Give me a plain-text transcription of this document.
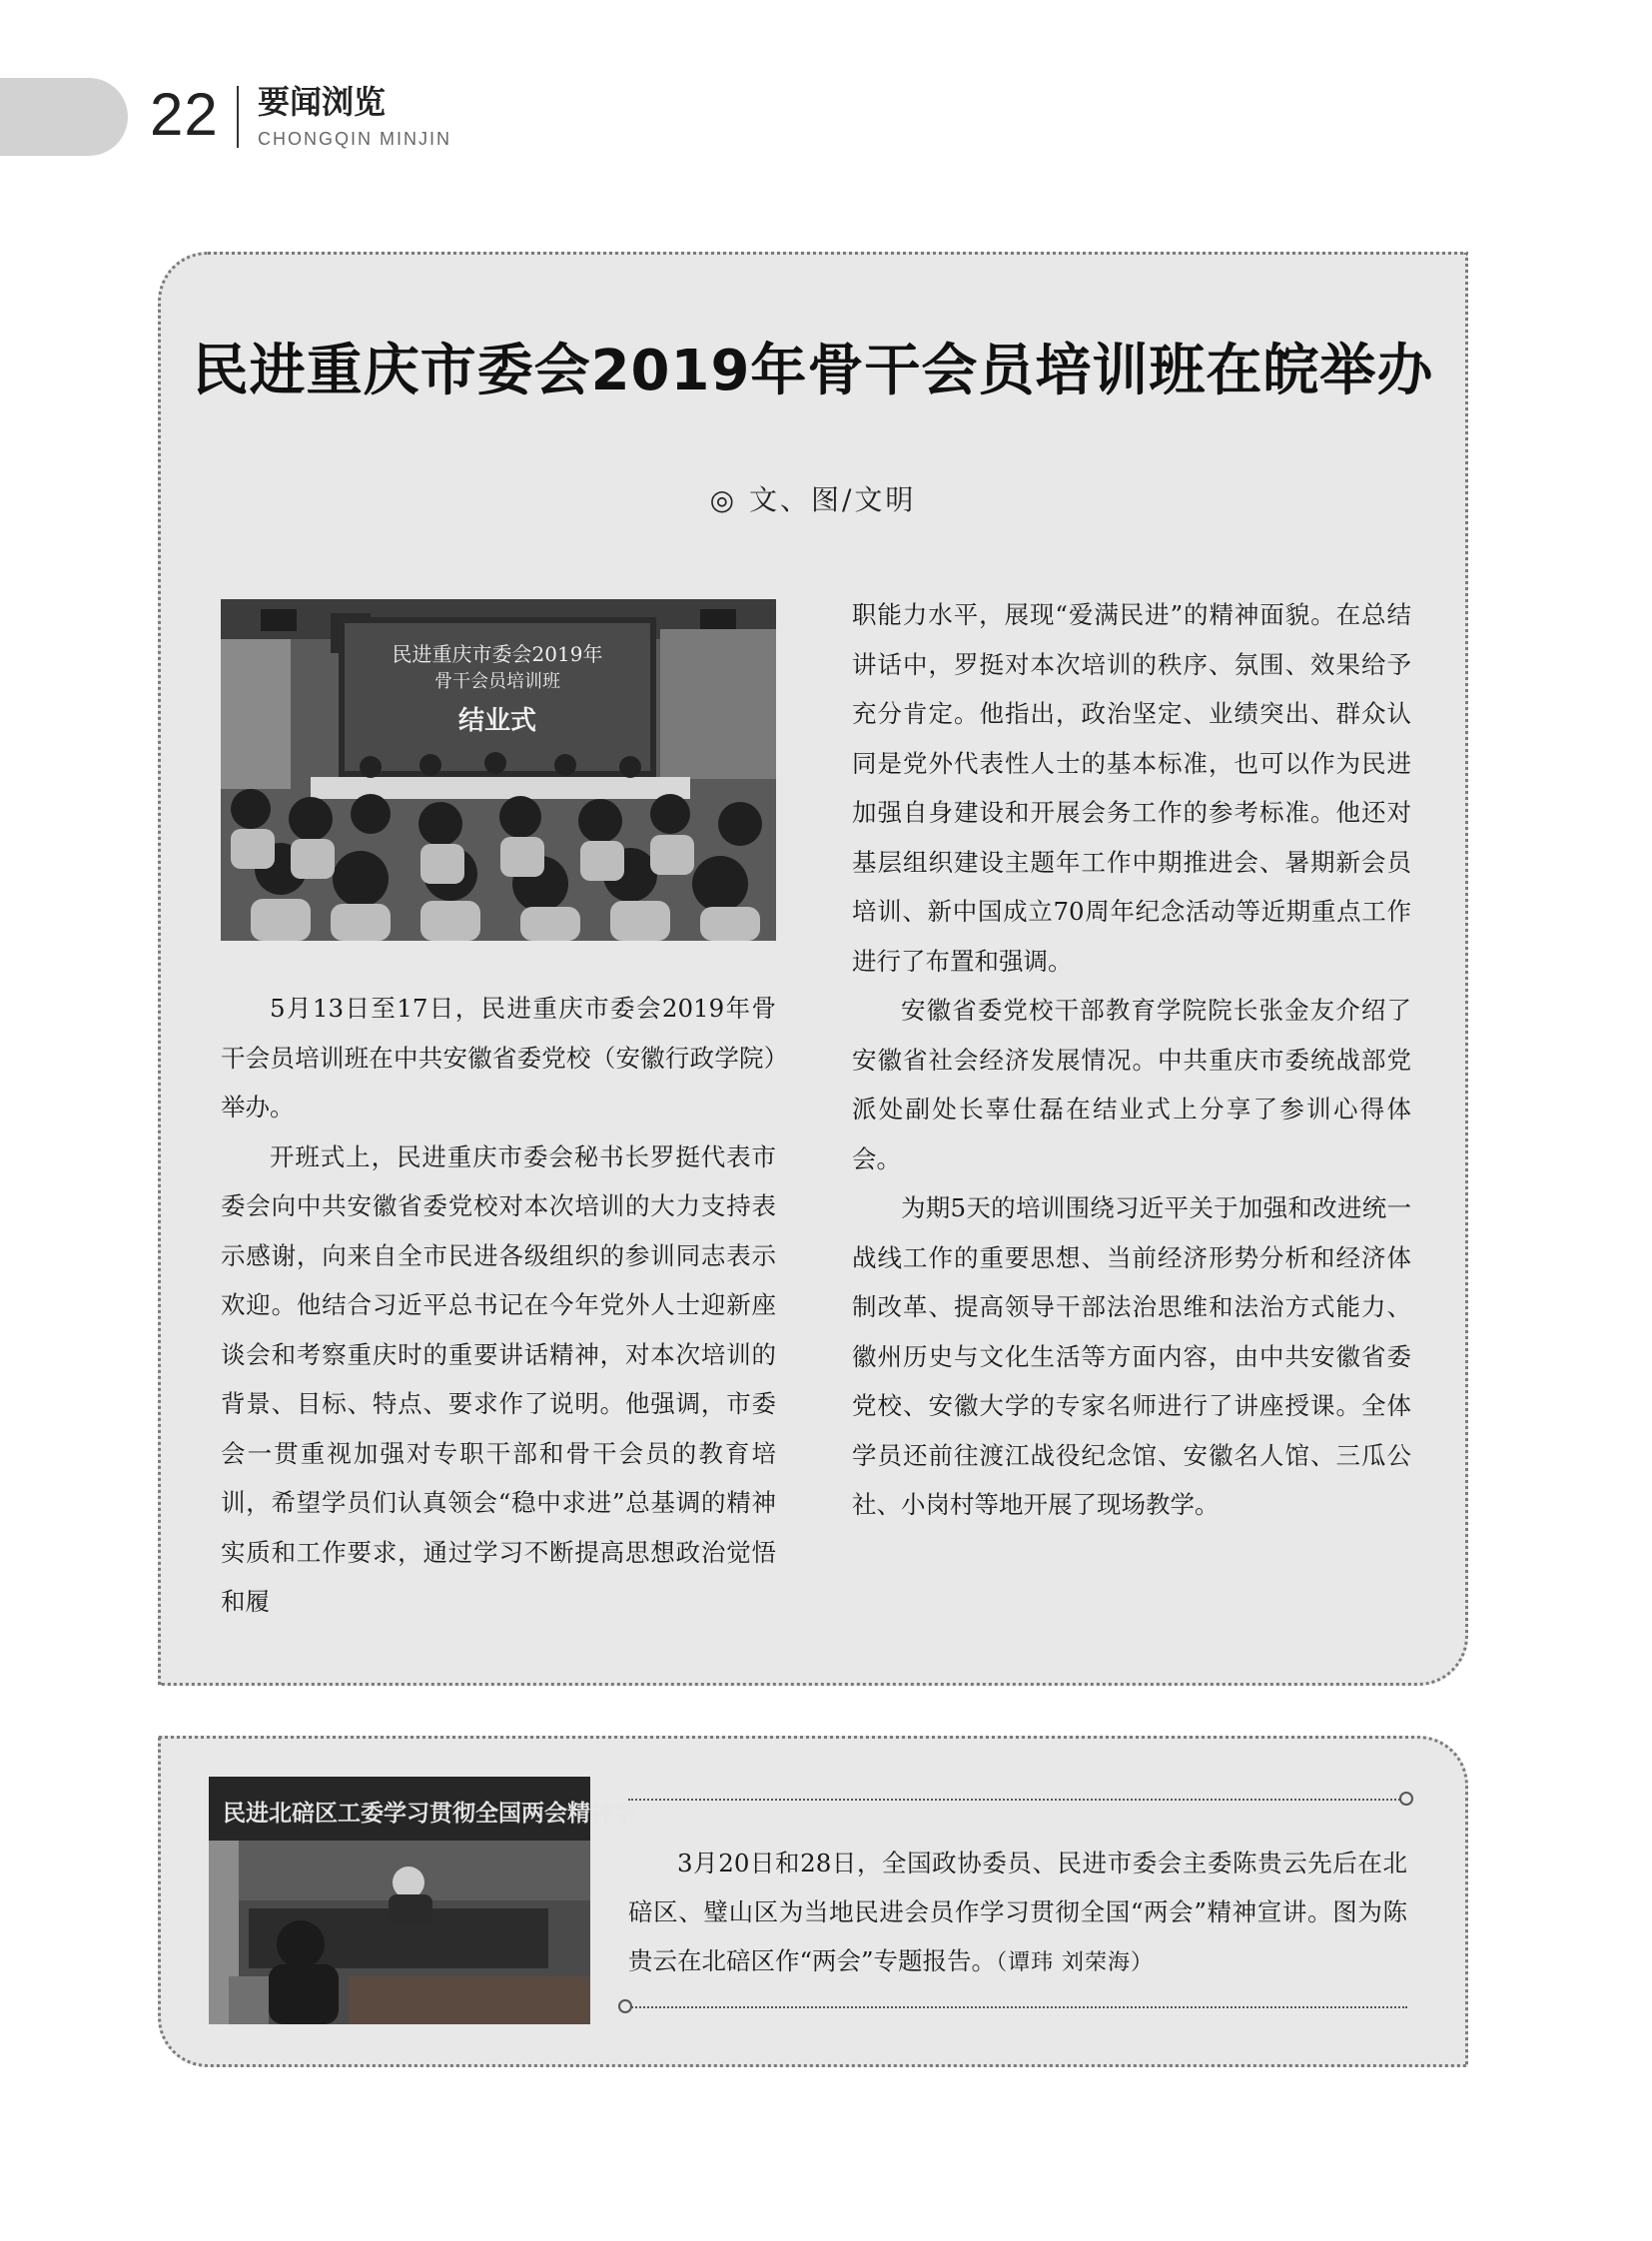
22 要闻浏览
CHONGQIN MINJIN
民进重庆市委会2019年骨干会员培训班在皖举办
◎ 文、图/文明
民进重庆市委会2019年
骨干会员培训班
结业式

5月13日至17日，民进重庆市委会2019年骨干会员培训班在中共安徽省委党校（安徽行政学院）举办。

开班式上，民进重庆市委会秘书长罗挺代表市委会向中共安徽省委党校对本次培训的大力支持表示感谢，向来自全市民进各级组织的参训同志表示欢迎。他结合习近平总书记在今年党外人士迎新座谈会和考察重庆时的重要讲话精神，对本次培训的背景、目标、特点、要求作了说明。他强调，市委会一贯重视加强对专职干部和骨干会员的教育培训，希望学员们认真领会“稳中求进”总基调的精神实质和工作要求，通过学习不断提高思想政治觉悟和履

职能力水平，展现“爱满民进”的精神面貌。在总结讲话中，罗挺对本次培训的秩序、氛围、效果给予充分肯定。他指出，政治坚定、业绩突出、群众认同是党外代表性人士的基本标准，也可以作为民进加强自身建设和开展会务工作的参考标准。他还对基层组织建设主题年工作中期推进会、暑期新会员培训、新中国成立70周年纪念活动等近期重点工作进行了布置和强调。

安徽省委党校干部教育学院院长张金友介绍了安徽省社会经济发展情况。中共重庆市委统战部党派处副处长辜仕磊在结业式上分享了参训心得体会。

为期5天的培训围绕习近平关于加强和改进统一战线工作的重要思想、当前经济形势分析和经济体制改革、提高领导干部法治思维和法治方式能力、徽州历史与文化生活等方面内容，由中共安徽省委党校、安徽大学的专家名师进行了讲座授课。全体学员还前往渡江战役纪念馆、安徽名人馆、三瓜公社、小岗村等地开展了现场教学。

民进北碚区工委学习贯彻全国两会精神学
3月20日和28日，全国政协委员、民进市委会主委陈贵云先后在北碚区、璧山区为当地民进会员作学习贯彻全国“两会”精神宣讲。图为陈贵云在北碚区作“两会”专题报告。（谭玮 刘荣海）
